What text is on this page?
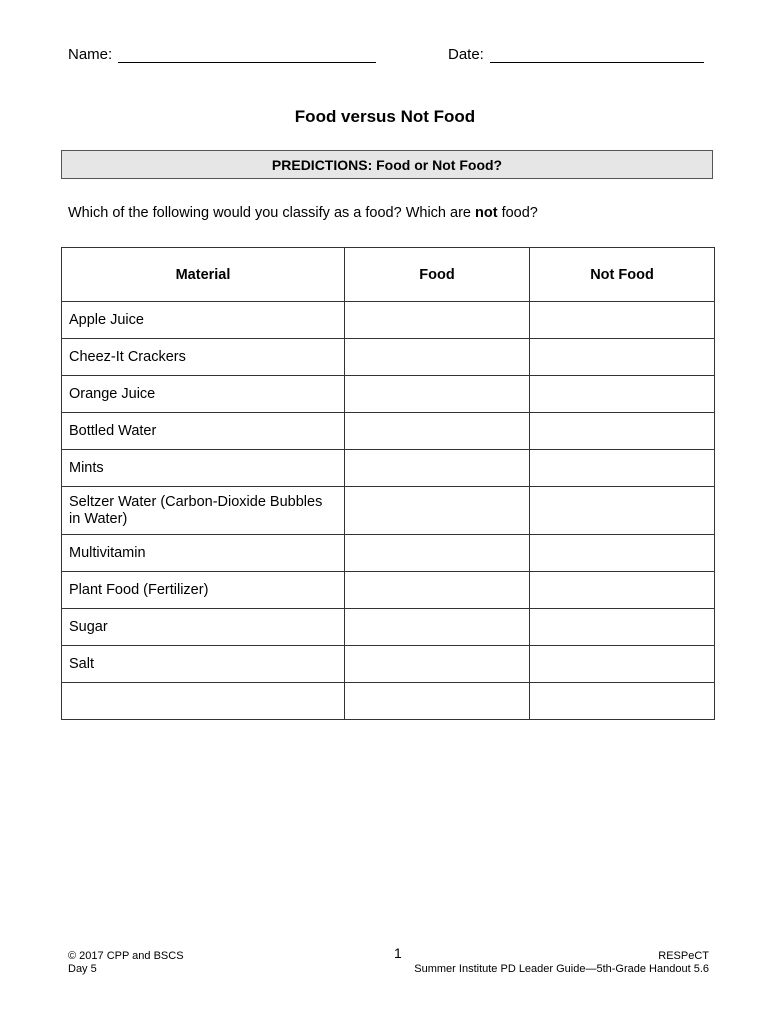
Name:	Date:
Food versus Not Food
PREDICTIONS: Food or Not Food?
Which of the following would you classify as a food? Which are not food?
Material	Food	Not Food
Apple Juice		
Cheez-It Crackers		
Orange Juice		
Bottled Water		
Mints		
Seltzer Water (Carbon-Dioxide Bubbles in Water)		
Multivitamin		
Plant Food (Fertilizer)		
Sugar		
Salt		

© 2017 CPP and BSCS
Day 5
1	RESPeCT
Summer Institute PD Leader Guide—5th-Grade Handout 5.6
